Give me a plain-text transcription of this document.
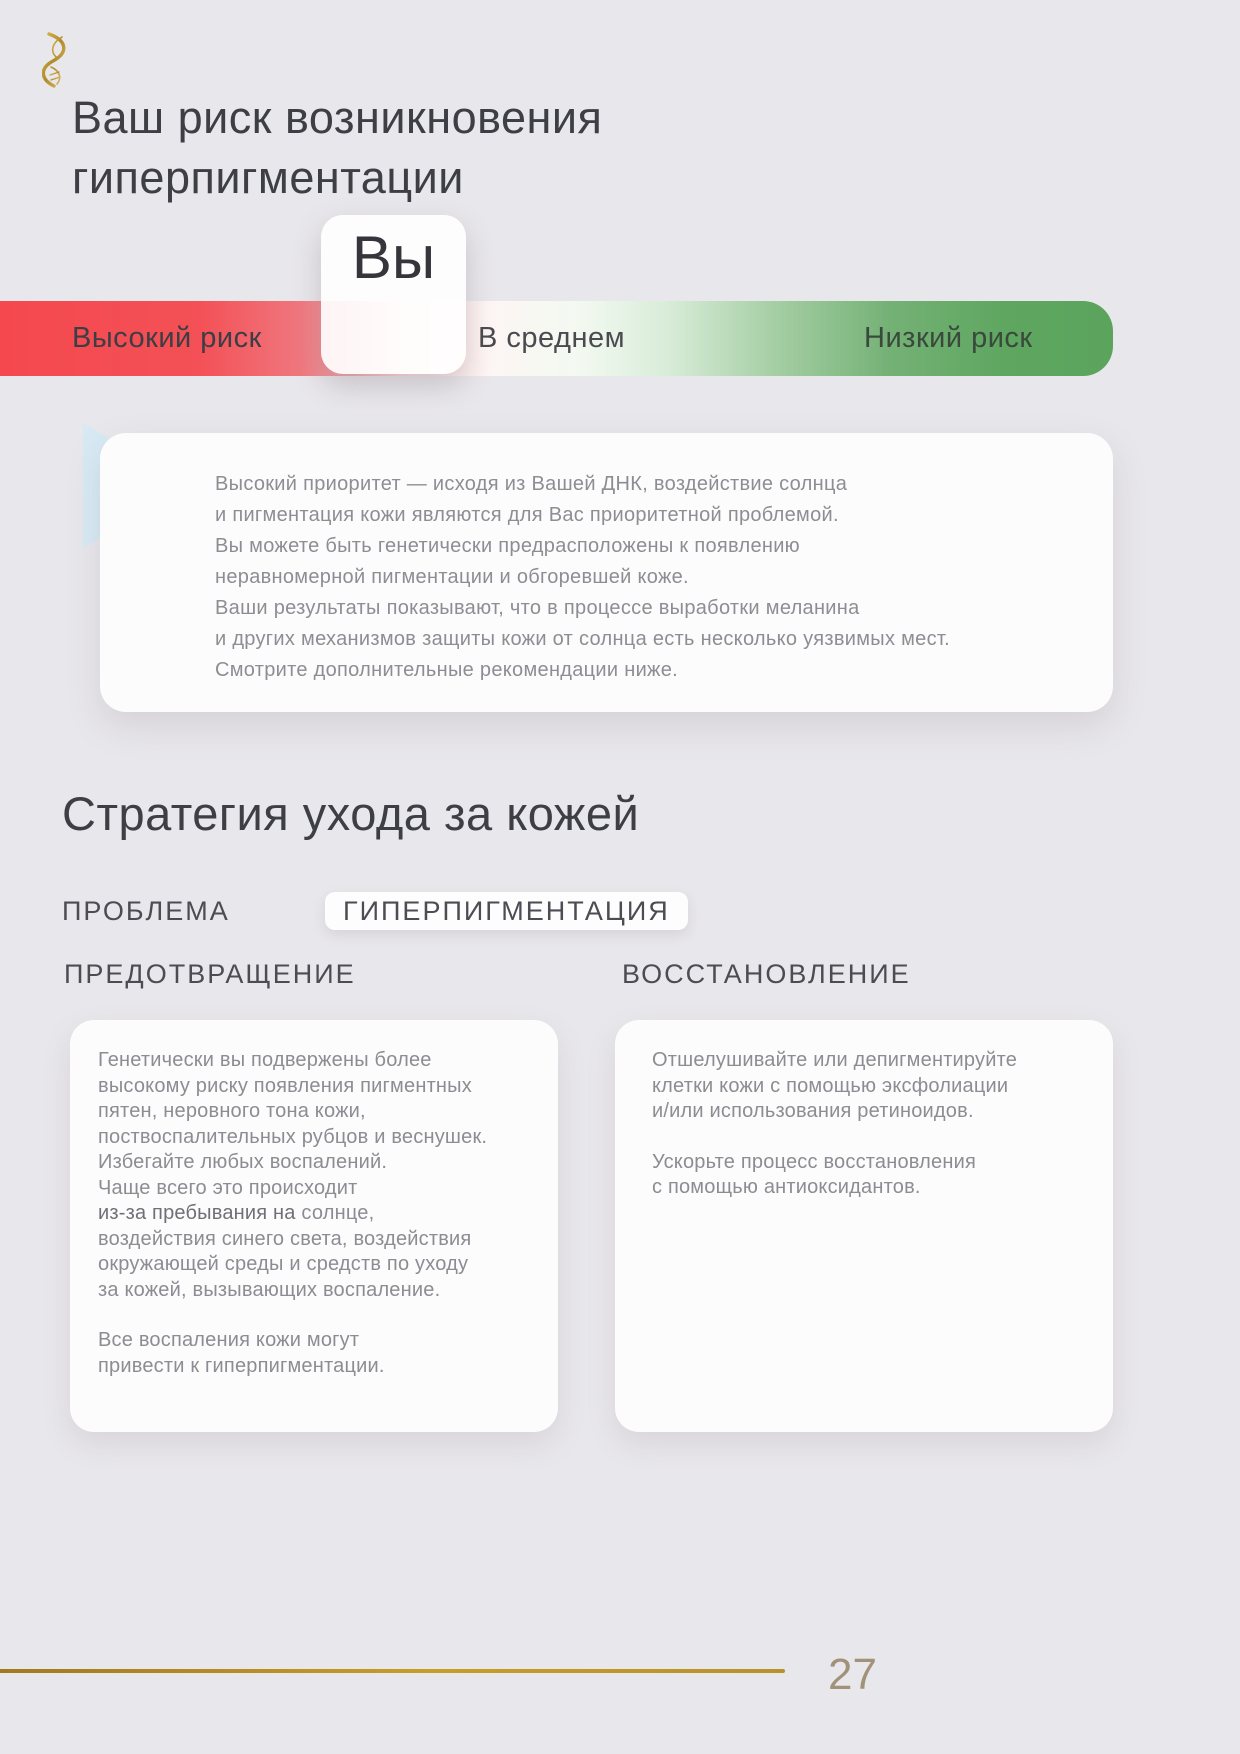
Ваш риск возникновения
гиперпигментации
Высокий риск	В среднем	Низкий риск
Вы
Высокий приоритет — исходя из Вашей ДНК, воздействие солнца
и пигментация кожи являются для Вас приоритетной проблемой.
Вы можете быть генетически предрасположены к появлению
неравномерной пигментации и обгоревшей коже.
Ваши результаты показывают, что в процессе выработки меланина
и других механизмов защиты кожи от солнца есть несколько уязвимых мест.
Смотрите дополнительные рекомендации ниже.
Стратегия ухода за кожей
ПРОБЛЕМА	ГИПЕРПИГМЕНТАЦИЯ
ПРЕДОТВРАЩЕНИЕ	ВОССТАНОВЛЕНИЕ
Генетически вы подвержены более
высокому риску появления пигментных
пятен, неровного тона кожи,
поствоспалительных рубцов и веснушек.
Избегайте любых воспалений.
Чаще всего это происходит
из-за пребывания на солнце,
воздействия синего света, воздействия
окружающей среды и средств по уходу
за кожей, вызывающих воспаление.
Все воспаления кожи могут
привести к гиперпигментации.
Отшелушивайте или депигментируйте
клетки кожи с помощью эксфолиации
и/или использования ретиноидов.
Ускорьте процесс восстановления
с помощью антиоксидантов.
27
